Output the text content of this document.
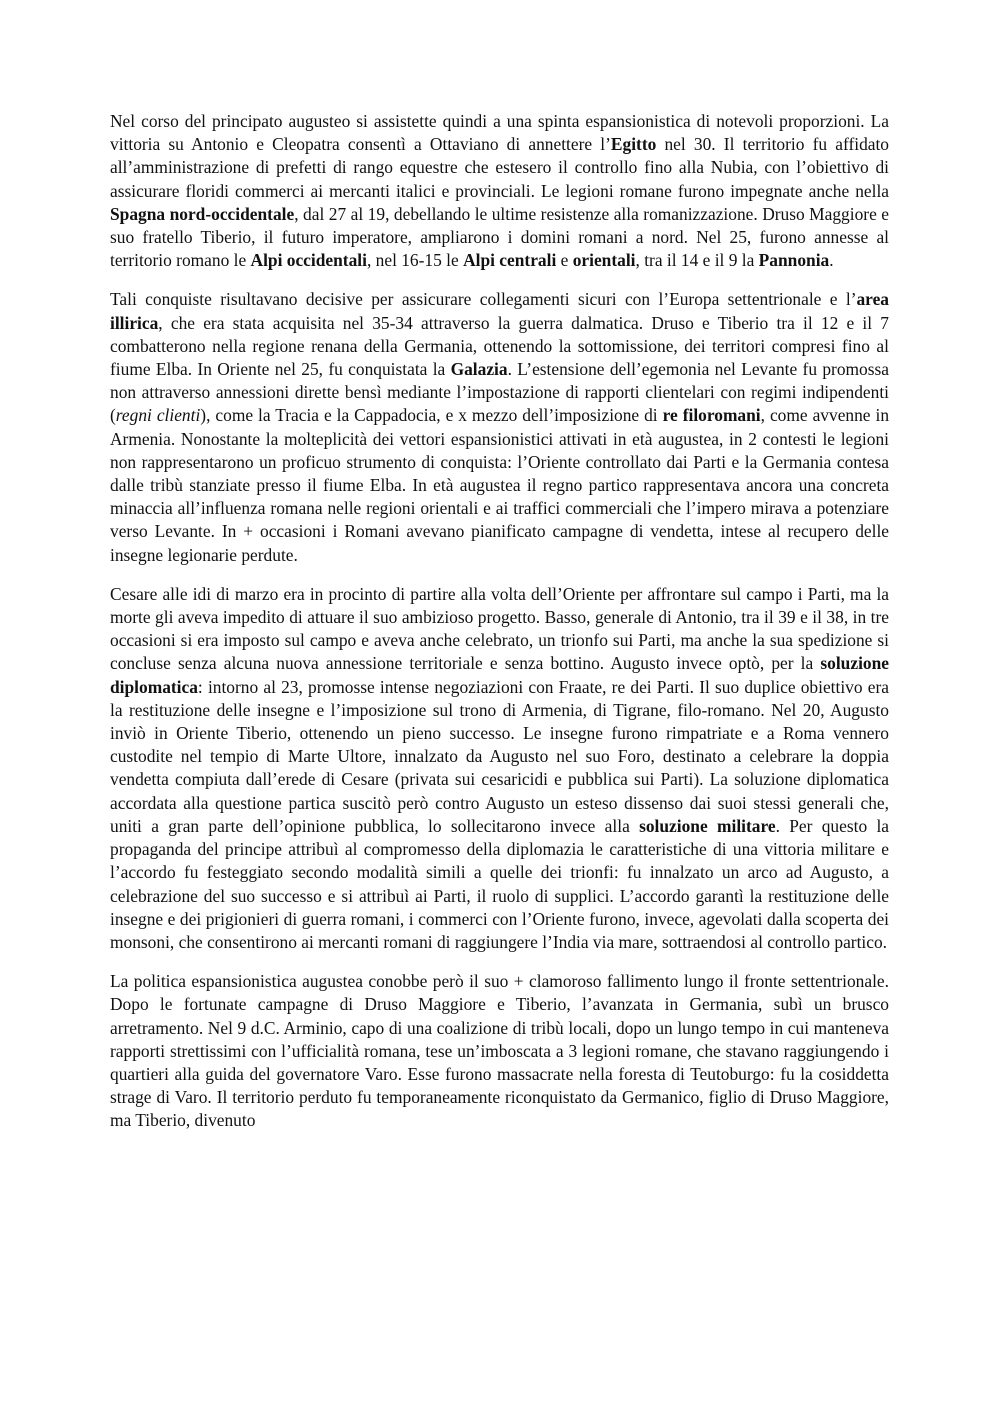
Nel corso del principato augusteo si assistette quindi a una spinta espansionistica di notevoli proporzioni. La vittoria su Antonio e Cleopatra consentì a Ottaviano di annettere l’Egitto nel 30. Il territorio fu affidato all’amministrazione di prefetti di rango equestre che estesero il controllo fino alla Nubia, con l’obiettivo di assicurare floridi commerci ai mercanti italici e provinciali. Le legioni romane furono impegnate anche nella Spagna nord-occidentale, dal 27 al 19, debellando le ultime resistenze alla romanizzazione. Druso Maggiore e suo fratello Tiberio, il futuro imperatore, ampliarono i domini romani a nord. Nel 25, furono annesse al territorio romano le Alpi occidentali, nel 16-15 le Alpi centrali e orientali, tra il 14 e il 9 la Pannonia.

Tali conquiste risultavano decisive per assicurare collegamenti sicuri con l’Europa settentrionale e l’area illirica, che era stata acquisita nel 35-34 attraverso la guerra dalmatica. Druso e Tiberio tra il 12 e il 7 combatterono nella regione renana della Germania, ottenendo la sottomissione, dei territori compresi fino al fiume Elba. In Oriente nel 25, fu conquistata la Galazia. L’estensione dell’egemonia nel Levante fu promossa non attraverso annessioni dirette bensì mediante l’impostazione di rapporti clientelari con regimi indipendenti (regni clienti), come la Tracia e la Cappadocia, e x mezzo dell’imposizione di re filoromani, come avvenne in Armenia. Nonostante la molteplicità dei vettori espansionistici attivati in età augustea, in 2 contesti le legioni non rappresentarono un proficuo strumento di conquista: l’Oriente controllato dai Parti e la Germania contesa dalle tribù stanziate presso il fiume Elba. In età augustea il regno partico rappresentava ancora una concreta minaccia all’influenza romana nelle regioni orientali e ai traffici commerciali che l’impero mirava a potenziare verso Levante. In + occasioni i Romani avevano pianificato campagne di vendetta, intese al recupero delle insegne legionarie perdute.

Cesare alle idi di marzo era in procinto di partire alla volta dell’Oriente per affrontare sul campo i Parti, ma la morte gli aveva impedito di attuare il suo ambizioso progetto. Basso, generale di Antonio, tra il 39 e il 38, in tre occasioni si era imposto sul campo e aveva anche celebrato, un trionfo sui Parti, ma anche la sua spedizione si concluse senza alcuna nuova annessione territoriale e senza bottino. Augusto invece optò, per la soluzione diplomatica: intorno al 23, promosse intense negoziazioni con Fraate, re dei Parti. Il suo duplice obiettivo era la restituzione delle insegne e l’imposizione sul trono di Armenia, di Tigrane, filo-romano. Nel 20, Augusto inviò in Oriente Tiberio, ottenendo un pieno successo. Le insegne furono rimpatriate e a Roma vennero custodite nel tempio di Marte Ultore, innalzato da Augusto nel suo Foro, destinato a celebrare la doppia vendetta compiuta dall’erede di Cesare (privata sui cesaricidi e pubblica sui Parti). La soluzione diplomatica accordata alla questione partica suscitò però contro Augusto un esteso dissenso dai suoi stessi generali che, uniti a gran parte dell’opinione pubblica, lo sollecitarono invece alla soluzione militare. Per questo la propaganda del principe attribuì al compromesso della diplomazia le caratteristiche di una vittoria militare e l’accordo fu festeggiato secondo modalità simili a quelle dei trionfi: fu innalzato un arco ad Augusto, a celebrazione del suo successo e si attribuì ai Parti, il ruolo di supplici. L’accordo garantì la restituzione delle insegne e dei prigionieri di guerra romani, i commerci con l’Oriente furono, invece, agevolati dalla scoperta dei monsoni, che consentirono ai mercanti romani di raggiungere l’India via mare, sottraendosi al controllo partico.

La politica espansionistica augustea conobbe però il suo + clamoroso fallimento lungo il fronte settentrionale. Dopo le fortunate campagne di Druso Maggiore e Tiberio, l’avanzata in Germania, subì un brusco arretramento. Nel 9 d.C. Arminio, capo di una coalizione di tribù locali, dopo un lungo tempo in cui manteneva rapporti strettissimi con l’ufficialità romana, tese un’imboscata a 3 legioni romane, che stavano raggiungendo i quartieri alla guida del governatore Varo. Esse furono massacrate nella foresta di Teutoburgo: fu la cosiddetta strage di Varo. Il territorio perduto fu temporaneamente riconquistato da Germanico, figlio di Druso Maggiore, ma Tiberio, divenuto
